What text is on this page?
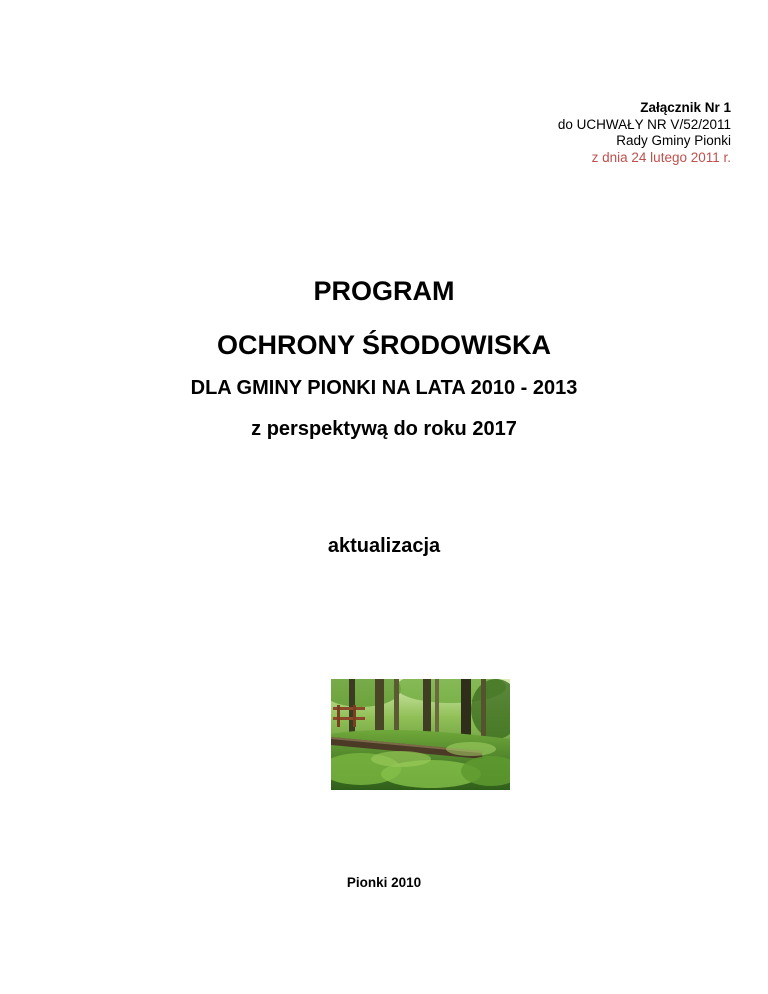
Załącznik Nr 1
do UCHWAŁY NR V/52/2011
Rady Gminy Pionki
z dnia 24 lutego 2011 r.
PROGRAM
OCHRONY ŚRODOWISKA
DLA GMINY PIONKI NA LATA 2010 - 2013
z perspektywą do roku 2017
aktualizacja
Pionki 2010
